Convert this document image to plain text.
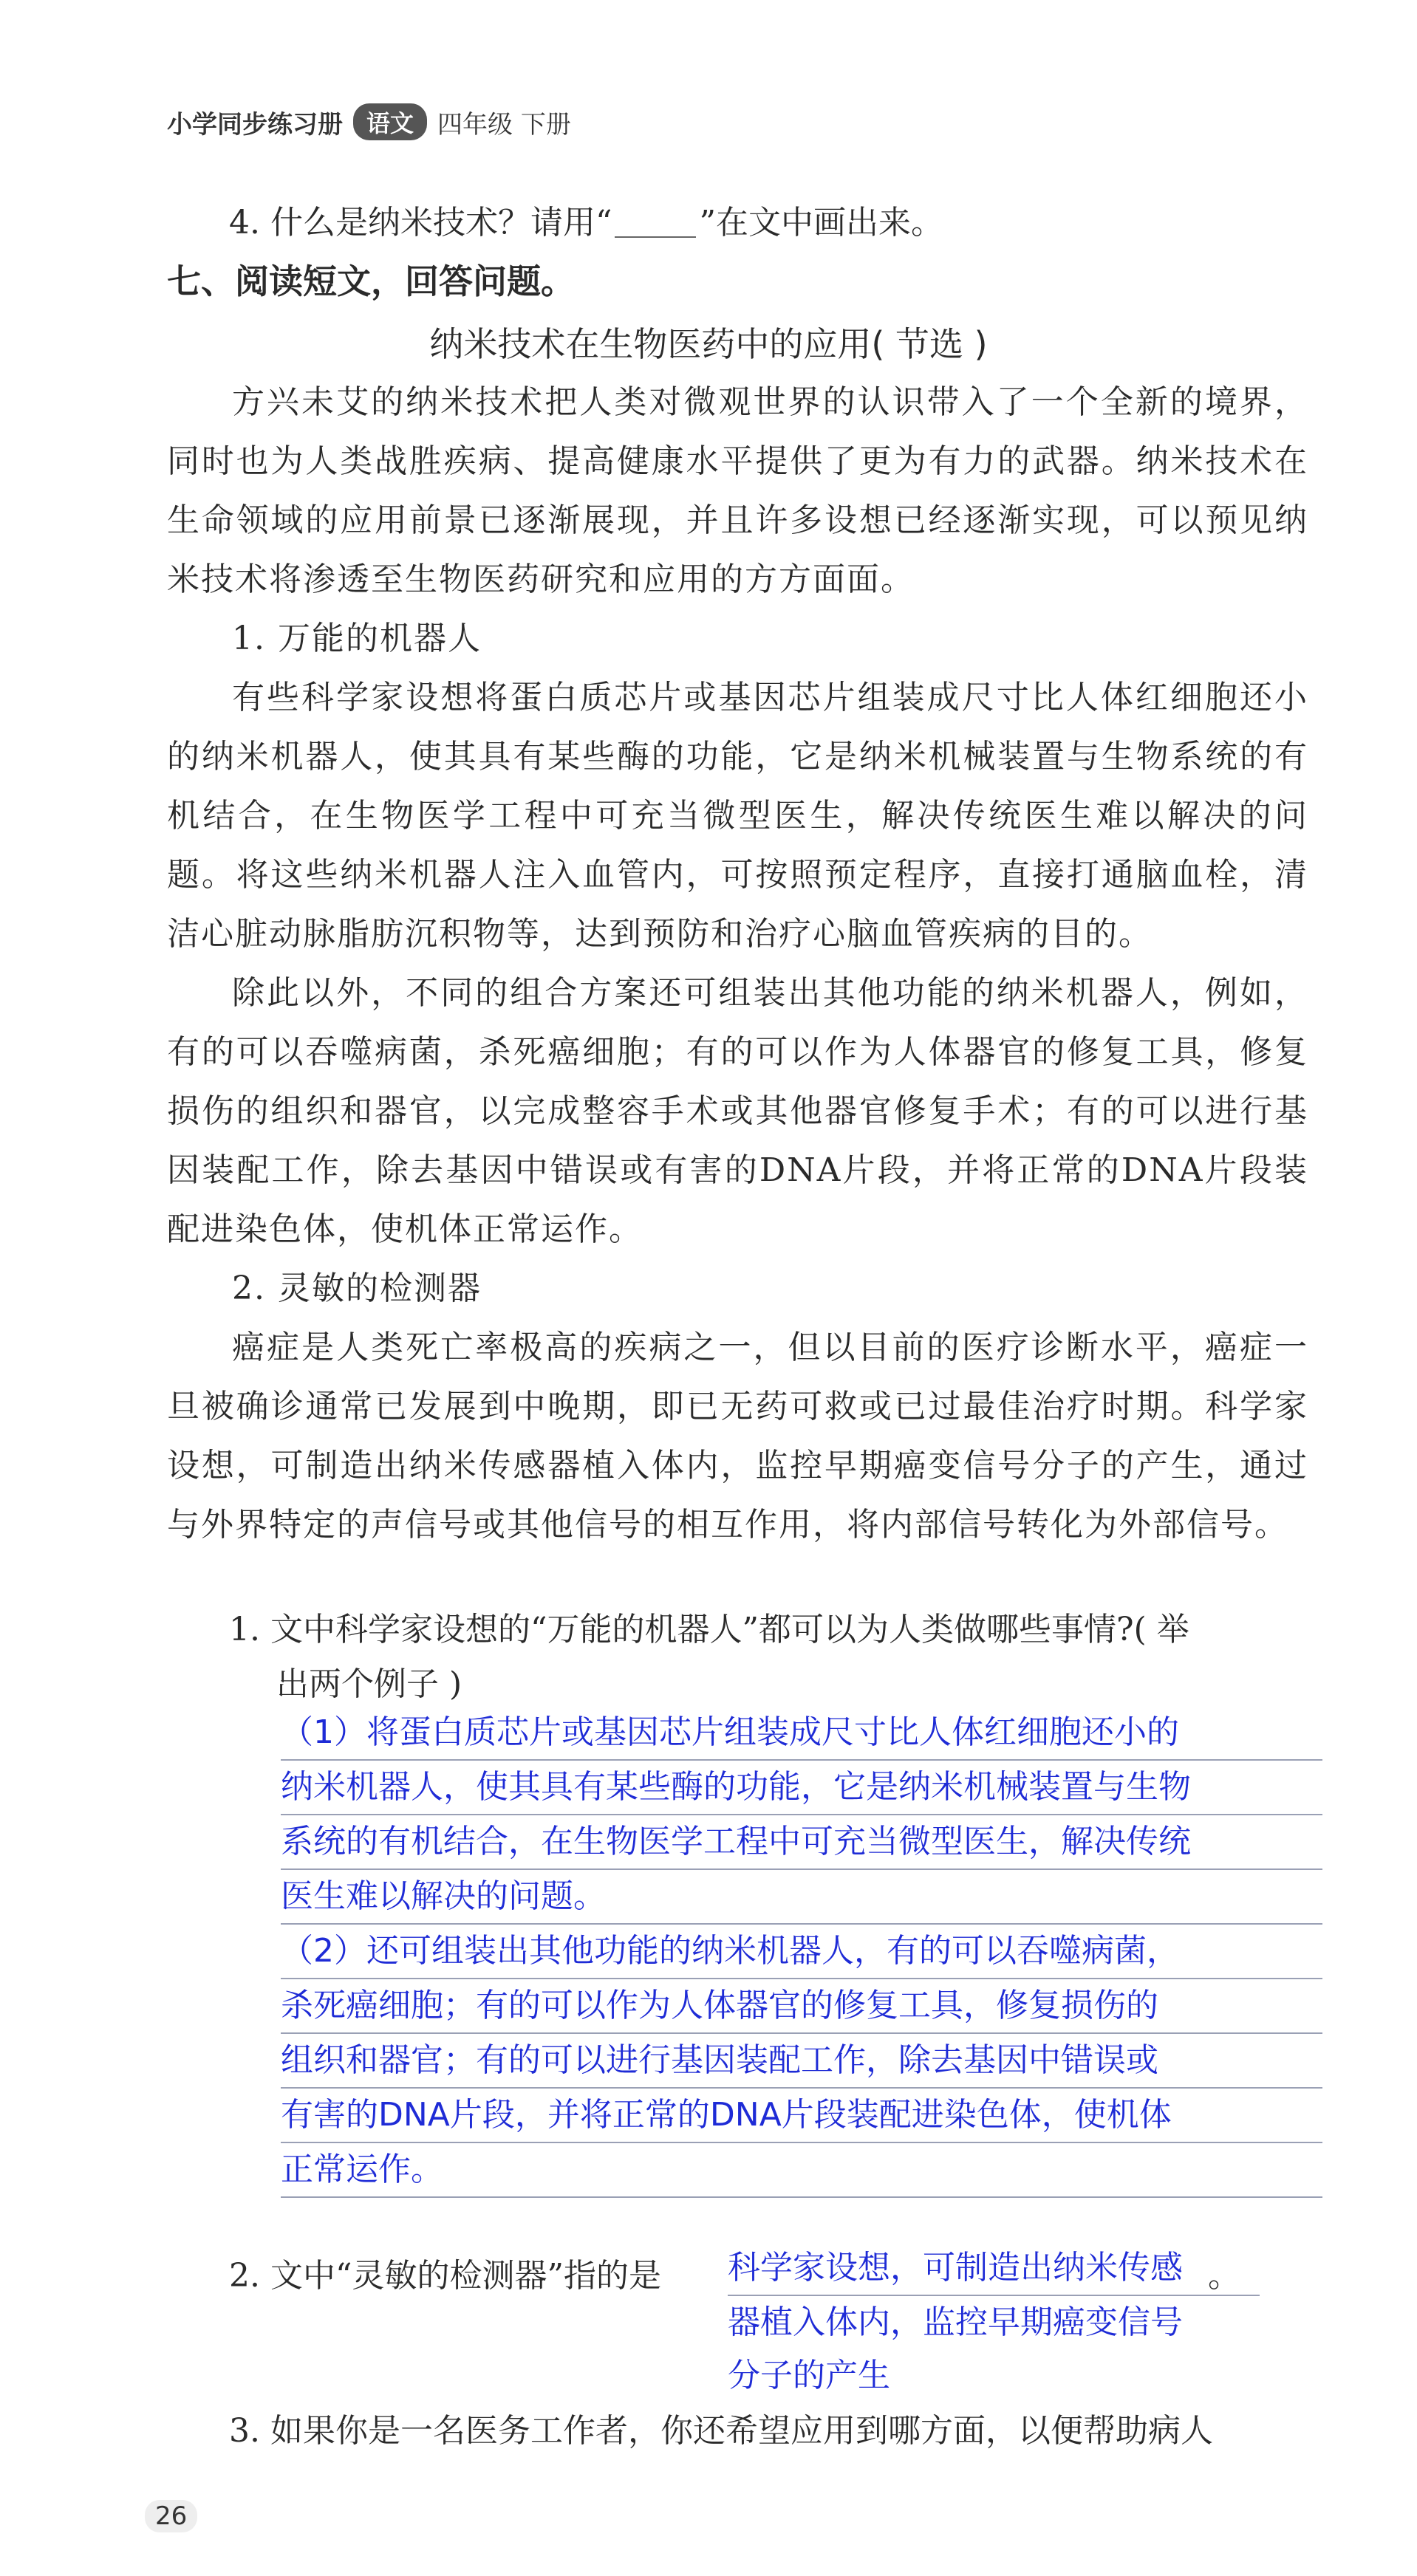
小学同步练习册	语文 四年级 下册
4. 什么是纳米技术？请用“	”在文中画出来。
七、阅读短文，回答问题。
纳米技术在生物医药中的应用( 节选 )

方兴未艾的纳米技术把人类对微观世界的认识带入了一个全新的境界，同时也为人类战胜疾病、提高健康水平提供了更为有力的武器。纳米技术在生命领域的应用前景已逐渐展现，并且许多设想已经逐渐实现，可以预见纳米技术将渗透至生物医药研究和应用的方方面面。

1. 万能的机器人

有些科学家设想将蛋白质芯片或基因芯片组装成尺寸比人体红细胞还小的纳米机器人，使其具有某些酶的功能，它是纳米机械装置与生物系统的有机结合，在生物医学工程中可充当微型医生，解决传统医生难以解决的问题。将这些纳米机器人注入血管内，可按照预定程序，直接打通脑血栓，清洁心脏动脉脂肪沉积物等，达到预防和治疗心脑血管疾病的目的。

除此以外，不同的组合方案还可组装出其他功能的纳米机器人，例如，有的可以吞噬病菌，杀死癌细胞；有的可以作为人体器官的修复工具，修复损伤的组织和器官，以完成整容手术或其他器官修复手术；有的可以进行基因装配工作，除去基因中错误或有害的DNA片段，并将正常的DNA片段装配进染色体，使机体正常运作。

2. 灵敏的检测器

癌症是人类死亡率极高的疾病之一，但以目前的医疗诊断水平，癌症一旦被确诊通常已发展到中晚期，即已无药可救或已过最佳治疗时期。科学家设想，可制造出纳米传感器植入体内，监控早期癌变信号分子的产生，通过与外界特定的声信号或其他信号的相互作用，将内部信号转化为外部信号。

1. 文中科学家设想的“万能的机器人”都可以为人类做哪些事情?( 举
出两个例子 )
（1）将蛋白质芯片或基因芯片组装成尺寸比人体红细胞还小的
纳米机器人，使其具有某些酶的功能，它是纳米机械装置与生物
系统的有机结合，在生物医学工程中可充当微型医生，解决传统
医生难以解决的问题。
（2）还可组装出其他功能的纳米机器人，有的可以吞噬病菌，
杀死癌细胞；有的可以作为人体器官的修复工具，修复损伤的
组织和器官；有的可以进行基因装配工作，除去基因中错误或
有害的DNA片段，并将正常的DNA片段装配进染色体，使机体
正常运作。
2. 文中“灵敏的检测器”指的是	。
科学家设想，可制造出纳米传感
器植入体内，监控早期癌变信号
分子的产生
3. 如果你是一名医务工作者，你还希望应用到哪方面，以便帮助病人
26
